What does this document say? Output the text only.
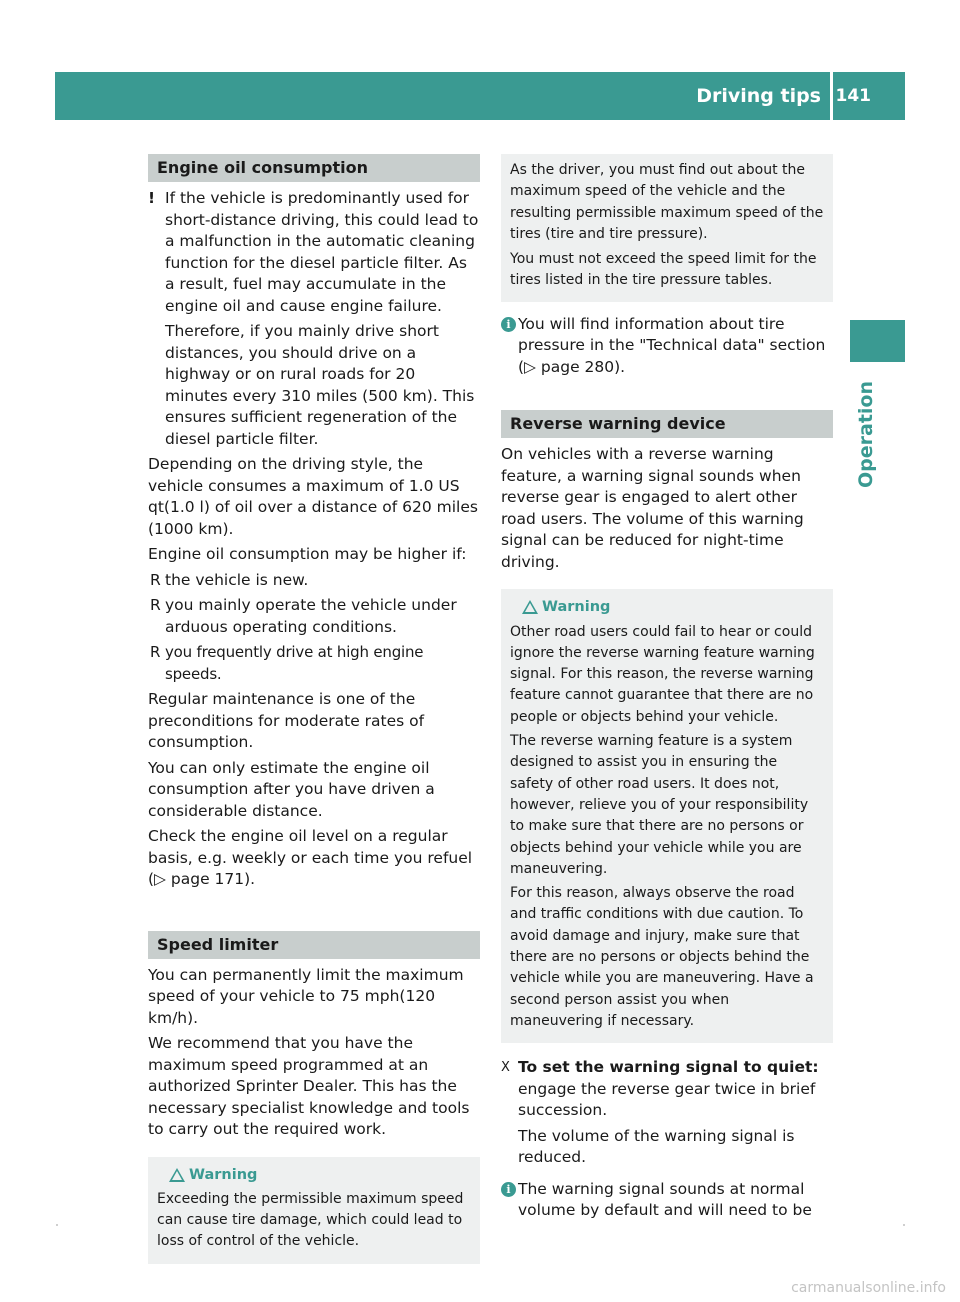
Driving tips 141
Operation
Engine oil consumption
! If the vehicle is predominantly used for short-distance driving, this could lead to a malfunction in the automatic cleaning function for the diesel particle filter. As a result, fuel may accumulate in the engine oil and cause engine failure.

Therefore, if you mainly drive short distances, you should drive on a highway or on rural roads for 20 minutes every 310 miles (500 km). This ensures sufficient regeneration of the diesel particle filter.

Depending on the driving style, the vehicle consumes a maximum of 1.0 US qt(1.0 l) of oil over a distance of 620 miles (1000 km).

Engine oil consumption may be higher if:

R the vehicle is new.
R you mainly operate the vehicle under arduous operating conditions.
R you frequently drive at high engine speeds.

Regular maintenance is one of the preconditions for moderate rates of consumption.

You can only estimate the engine oil consumption after you have driven a considerable distance.

Check the engine oil level on a regular basis, e.g. weekly or each time you refuel
(▷ page 171).

Speed limiter

You can permanently limit the maximum speed of your vehicle to 75 mph(120 km/h).

We recommend that you have the maximum speed programmed at an authorized Sprinter Dealer. This has the necessary specialist knowledge and tools to carry out the required work.

Warning

Exceeding the permissible maximum speed can cause tire damage, which could lead to loss of control of the vehicle.

As the driver, you must find out about the maximum speed of the vehicle and the resulting permissible maximum speed of the tires (tire and tire pressure).

You must not exceed the speed limit for the tires listed in the tire pressure tables.

i You will find information about tire pressure in the "Technical data" section (▷ page 280).
Reverse warning device

On vehicles with a reverse warning feature, a warning signal sounds when reverse gear is engaged to alert other road users. The volume of this warning signal can be reduced for night-time driving.

Warning

Other road users could fail to hear or could ignore the reverse warning feature warning signal. For this reason, the reverse warning feature cannot guarantee that there are no people or objects behind your vehicle.

The reverse warning feature is a system designed to assist you in ensuring the safety of other road users. It does not, however, relieve you of your responsibility to make sure that there are no persons or objects behind your vehicle while you are maneuvering.

For this reason, always observe the road and traffic conditions with due caution. To avoid damage and injury, make sure that there are no persons or objects behind the vehicle while you are maneuvering. Have a second person assist you when maneuvering if necessary.

X To set the warning signal to quiet: engage the reverse gear twice in brief succession.

The volume of the warning signal is reduced.

i The warning signal sounds at normal volume by default and will need to be
carmanualsonline.info
